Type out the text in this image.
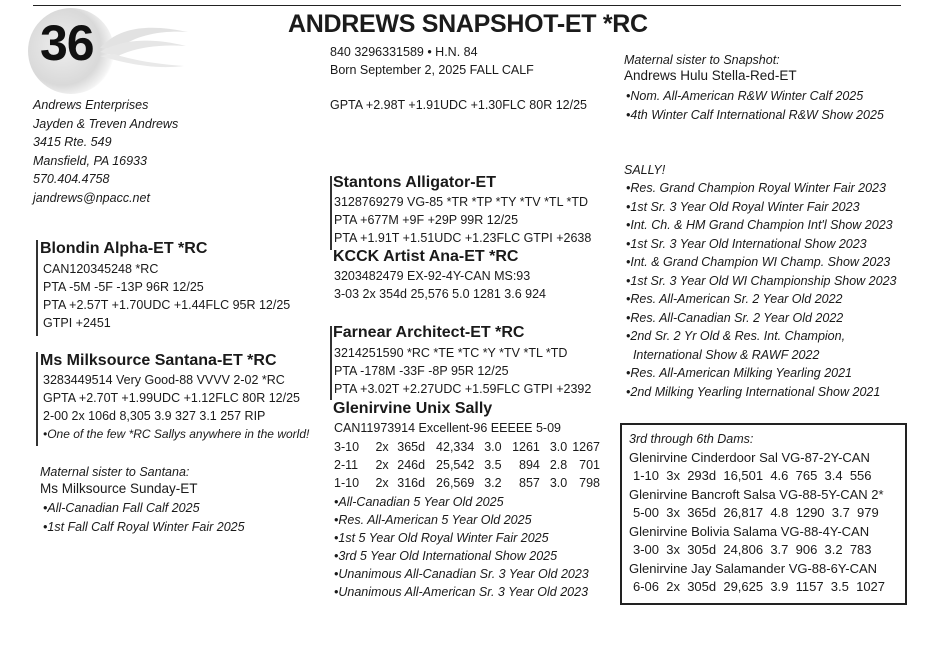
36	ANDREWS SNAPSHOT-ET *RC
840 3296331589 • H.N. 84
Born September 2, 2025 FALL CALF
GPTA +2.98T +1.91UDC +1.30FLC 80R 12/25
Andrews Enterprises
Jayden & Treven Andrews
3415 Rte. 549
Mansfield, PA 16933
570.404.4758
jandrews@npacc.net
Blondin Alpha-ET *RC
CAN120345248 *RC
PTA -5M -5F -13P 96R 12/25
PTA +2.57T +1.70UDC +1.44FLC 95R 12/25
GTPI +2451
Ms Milksource Santana-ET *RC
3283449514 Very Good-88 VVVV 2-02 *RC
GPTA +2.70T +1.99UDC +1.12FLC 80R 12/25
2-00 2x 106d 8,305 3.9 327 3.1 257 RIP
•One of the few *RC Sallys anywhere in the world!
Maternal sister to Santana:
Ms Milksource Sunday-ET
•All-Canadian Fall Calf 2025
•1st Fall Calf Royal Winter Fair 2025
Stantons Alligator-ET
3128769279 VG-85 *TR *TP *TY *TV *TL *TD
PTA +677M +9F +29P 99R 12/25
PTA +1.91T +1.51UDC +1.23FLC GTPI +2638
KCCK Artist Ana-ET *RC
3203482479 EX-92-4Y-CAN MS:93
3-03 2x 354d 25,576 5.0 1281 3.6 924
Farnear Architect-ET *RC
3214251590 *RC *TE *TC *Y *TV *TL *TD
PTA -178M -33F -8P 95R 12/25
PTA +3.02T +2.27UDC +1.59FLC GTPI +2392
Glenirvine Unix Sally
CAN11973914 Excellent-96 EEEEE 5-09
3-10	2x 365d 42,334 3.0 1261 3.0 1267
2-11	2x 246d 25,542 3.5	894 2.8 701
1-10	2x 316d 26,569 3.2	857 3.0 798
•All-Canadian 5 Year Old 2025
•Res. All-American 5 Year Old 2025
•1st 5 Year Old Royal Winter Fair 2025
•3rd 5 Year Old International Show 2025
•Unanimous All-Canadian Sr. 3 Year Old 2023
•Unanimous All-American Sr. 3 Year Old 2023
Maternal sister to Snapshot:
Andrews Hulu Stella-Red-ET
•Nom. All-American R&W Winter Calf 2025
•4th Winter Calf International R&W Show 2025
SALLY!
•Res. Grand Champion Royal Winter Fair 2023
•1st Sr. 3 Year Old Royal Winter Fair 2023
•Int. Ch. & HM Grand Champion Int'l Show 2023
•1st Sr. 3 Year Old International Show 2023
•Int. & Grand Champion WI Champ. Show 2023
•1st Sr. 3 Year Old WI Championship Show 2023
•Res. All-American Sr. 2 Year Old 2022
•Res. All-Canadian Sr. 2 Year Old 2022
•2nd Sr. 2 Yr Old & Res. Int. Champion,
International Show & RAWF 2022
•Res. All-American Milking Yearling 2021
•2nd Milking Yearling International Show 2021
3rd through 6th Dams:
Glenirvine Cinderdoor Sal VG-87-2Y-CAN
1-10  3x  293d  16,501  4.6  765  3.4  556
Glenirvine Bancroft Salsa VG-88-5Y-CAN 2*
5-00  3x  365d  26,817  4.8  1290  3.7  979
Glenirvine Bolivia Salama VG-88-4Y-CAN
3-00  3x  305d  24,806  3.7  906  3.2  783
Glenirvine Jay Salamander VG-88-6Y-CAN
6-06  2x  305d  29,625  3.9  1157  3.5  1027
